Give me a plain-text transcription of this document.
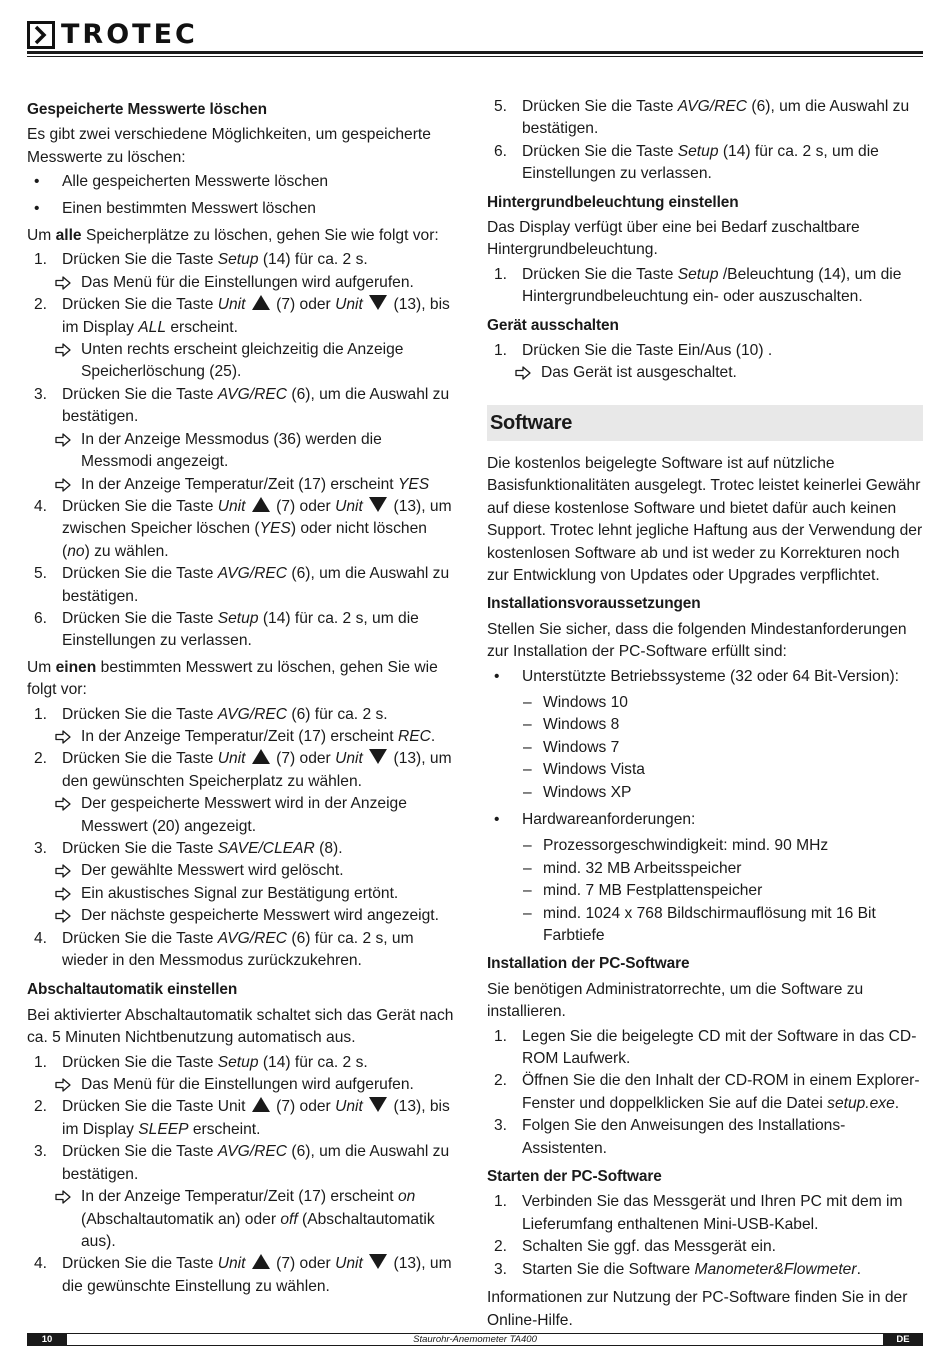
TROTEC
Gespeicherte Messwerte löschen
Es gibt zwei verschiedene Möglichkeiten, um gespeicherte Messwerte zu löschen:
• Alle gespeicherten Messwerte löschen
• Einen bestimmten Messwert löschen
Um alle Speicherplätze zu löschen, gehen Sie wie folgt vor:
1. Drücken Sie die Taste Setup (14) für ca. 2 s.
Das Menü für die Einstellungen wird aufgerufen.
2. Drücken Sie die Taste Unit  (7) oder Unit  (13), bis im Display ALL erscheint.
Unten rechts erscheint gleichzeitig die Anzeige Speicherlöschung (25).
3. Drücken Sie die Taste AVG/REC (6), um die Auswahl zu bestätigen.
In der Anzeige Messmodus (36) werden die Messmodi angezeigt.
In der Anzeige Temperatur/Zeit (17) erscheint YES
4. Drücken Sie die Taste Unit  (7) oder Unit  (13), um zwischen Speicher löschen (YES) oder nicht löschen (no) zu wählen.
5. Drücken Sie die Taste AVG/REC (6), um die Auswahl zu bestätigen.
6. Drücken Sie die Taste Setup (14) für ca. 2 s, um die Einstellungen zu verlassen.
Um einen bestimmten Messwert zu löschen, gehen Sie wie folgt vor:
1. Drücken Sie die Taste AVG/REC (6) für ca. 2 s.
In der Anzeige Temperatur/Zeit (17) erscheint REC.
2. Drücken Sie die Taste Unit  (7) oder Unit  (13), um den gewünschten Speicherplatz zu wählen.
Der gespeicherte Messwert wird in der Anzeige Messwert (20) angezeigt.
3. Drücken Sie die Taste SAVE/CLEAR (8).
Der gewählte Messwert wird gelöscht.
Ein akustisches Signal zur Bestätigung ertönt.
Der nächste gespeicherte Messwert wird angezeigt.
4. Drücken Sie die Taste AVG/REC (6) für ca. 2 s, um wieder in den Messmodus zurückzukehren.
Abschaltautomatik einstellen
Bei aktivierter Abschaltautomatik schaltet sich das Gerät nach ca. 5 Minuten Nichtbenutzung automatisch aus.
1. Drücken Sie die Taste Setup (14) für ca. 2 s.
Das Menü für die Einstellungen wird aufgerufen.
2. Drücken Sie die Taste Unit  (7) oder Unit  (13), bis im Display SLEEP erscheint.
3. Drücken Sie die Taste AVG/REC (6), um die Auswahl zu bestätigen.
In der Anzeige Temperatur/Zeit (17) erscheint on (Abschaltautomatik an) oder off (Abschaltautomatik aus).
4. Drücken Sie die Taste Unit  (7) oder Unit  (13), um die gewünschte Einstellung zu wählen.
5. Drücken Sie die Taste AVG/REC (6), um die Auswahl zu bestätigen.
6. Drücken Sie die Taste Setup (14) für ca. 2 s, um die Einstellungen zu verlassen.
Hintergrundbeleuchtung einstellen
Das Display verfügt über eine bei Bedarf zuschaltbare Hintergrundbeleuchtung.
1. Drücken Sie die Taste Setup /Beleuchtung (14), um die Hintergrundbeleuchtung ein- oder auszuschalten.
Gerät ausschalten
1. Drücken Sie die Taste Ein/Aus (10) .
Das Gerät ist ausgeschaltet.
Software
Die kostenlos beigelegte Software ist auf nützliche Basisfunktionalitäten ausgelegt. Trotec leistet keinerlei Gewähr auf diese kostenlose Software und bietet dafür auch keinen Support. Trotec lehnt jegliche Haftung aus der Verwendung der kostenlosen Software ab und ist weder zu Korrekturen noch zur Entwicklung von Updates oder Upgrades verpflichtet.
Installationsvoraussetzungen
Stellen Sie sicher, dass die folgenden Mindestanforderungen zur Installation der PC-Software erfüllt sind:
• Unterstützte Betriebssysteme (32 oder 64 Bit-Version):
– Windows 10
– Windows 8
– Windows 7
– Windows Vista
– Windows XP
• Hardwareanforderungen:
– Prozessorgeschwindigkeit: mind. 90 MHz
– mind. 32 MB Arbeitsspeicher
– mind. 7 MB Festplattenspeicher
– mind. 1024 x 768 Bildschirmauflösung mit 16 Bit Farbtiefe
Installation der PC-Software
Sie benötigen Administratorrechte, um die Software zu installieren.
1. Legen Sie die beigelegte CD mit der Software in das CD-ROM Laufwerk.
2. Öffnen Sie die den Inhalt der CD-ROM in einem Explorer-Fenster und doppelklicken Sie auf die Datei setup.exe.
3. Folgen Sie den Anweisungen des Installations-Assistenten.
Starten der PC-Software
1. Verbinden Sie das Messgerät und Ihren PC mit dem im Lieferumfang enthaltenen Mini-USB-Kabel.
2. Schalten Sie ggf. das Messgerät ein.
3. Starten Sie die Software Manometer&Flowmeter.
Informationen zur Nutzung der PC-Software finden Sie in der Online-Hilfe.
Staurohr-Anemometer TA400
10	DE
